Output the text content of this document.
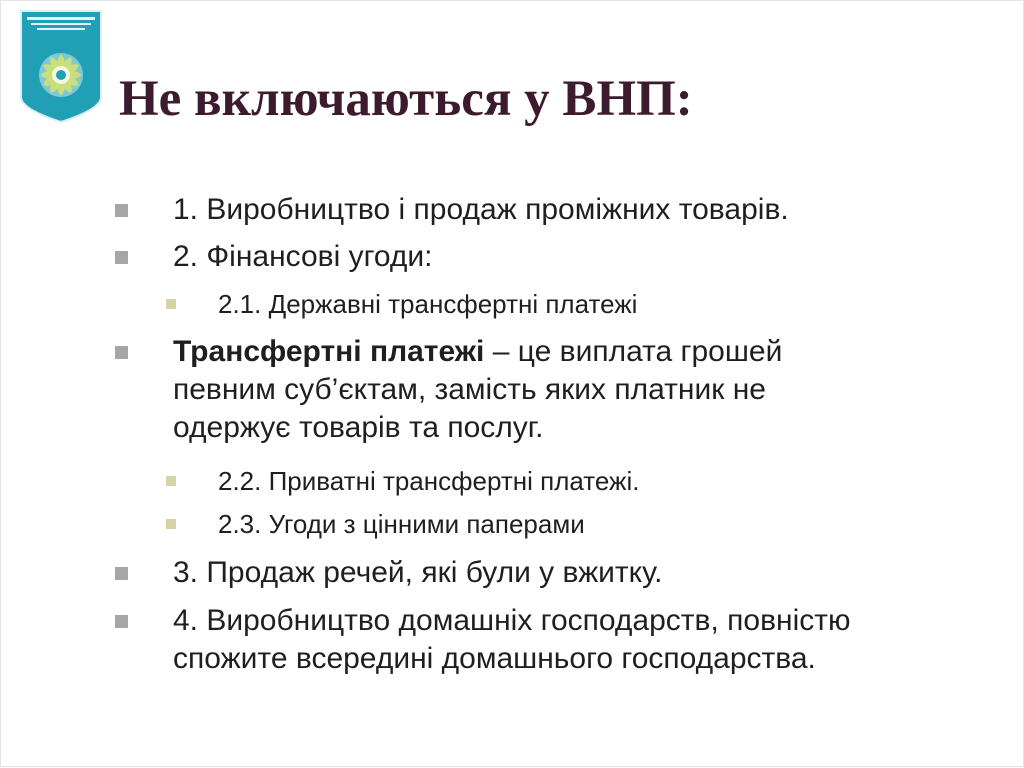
Не включаються у ВНП:
1. Виробництво і продаж проміжних товарів.
2. Фінансові угоди:
2.1. Державні трансфертні платежі
Трансфертні платежі – це виплата грошей
певним суб’єктам, замість яких платник не
одержує товарів та послуг.
2.2. Приватні трансфертні платежі.
2.3. Угоди з цінними паперами
3. Продаж речей, які були у вжитку.
4. Виробництво домашніх господарств, повністю
спожите всередині домашнього господарства.
